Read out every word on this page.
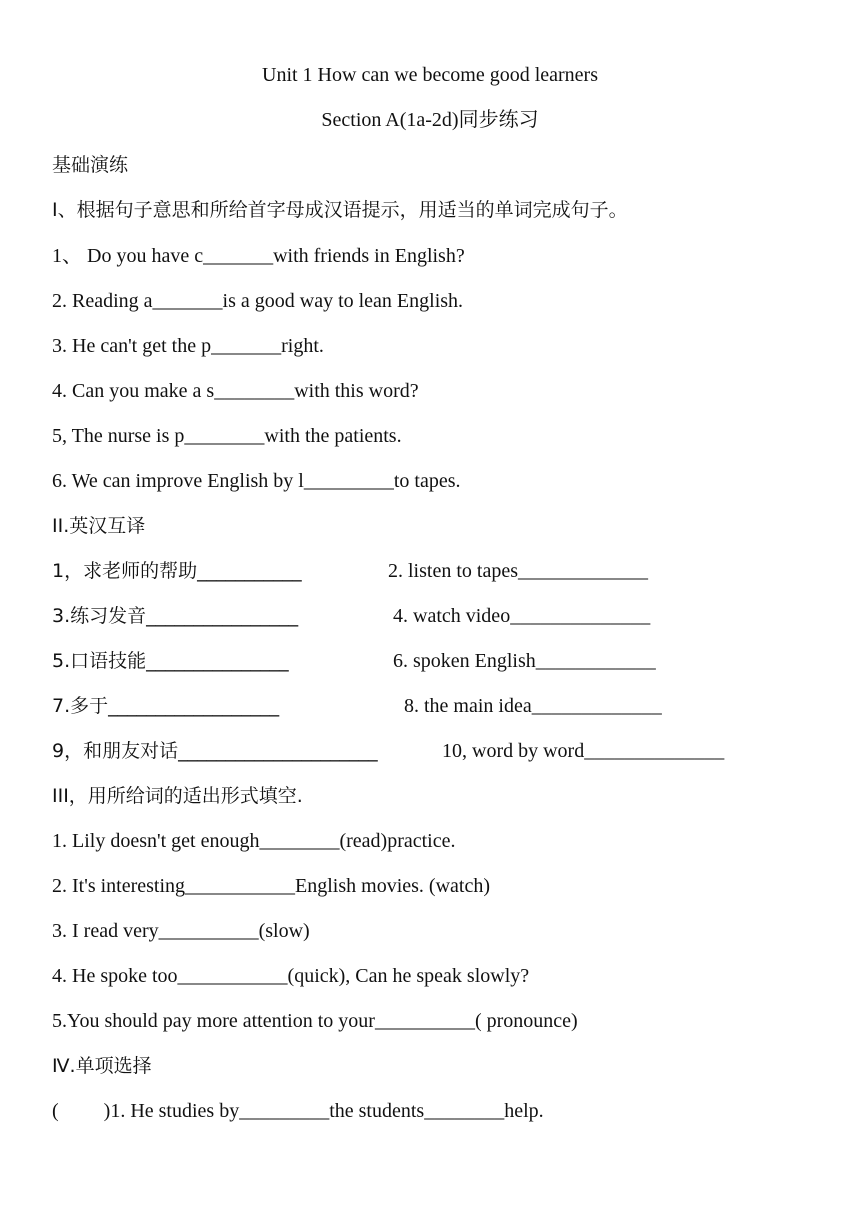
Unit 1 How can we become good learners
Section A(1a-2d)同步练习
基础演练
I、根据句子意思和所给首字母成汉语提示，用适当的单词完成句子。
1、 Do you have c_______with friends in English?
2. Reading a_______is a good way to lean English.
3. He can't get the p_______right.
4. Can you make a s________with this word?
5, The nurse is p________with the patients.
6. We can improve English by l_________to tapes.
II.英汉互译
1，求老师的帮助___________	2. listen to tapes_____________
3.练习发音________________	4. watch video______________
5.口语技能_______________	6. spoken English____________
7.多于__________________	8. the main idea_____________
9，和朋友对话_____________________	10, word by word______________
III，用所给词的适出形式填空.
1. Lily doesn't get enough________(read)practice.
2. It's interesting___________English movies. (watch)
3. I read very__________(slow)
4. He spoke too___________(quick), Can he speak slowly?
5.You should pay more attention to your__________( pronounce)
Ⅳ.单项选择
(         )1. He studies by_________the students________help.
